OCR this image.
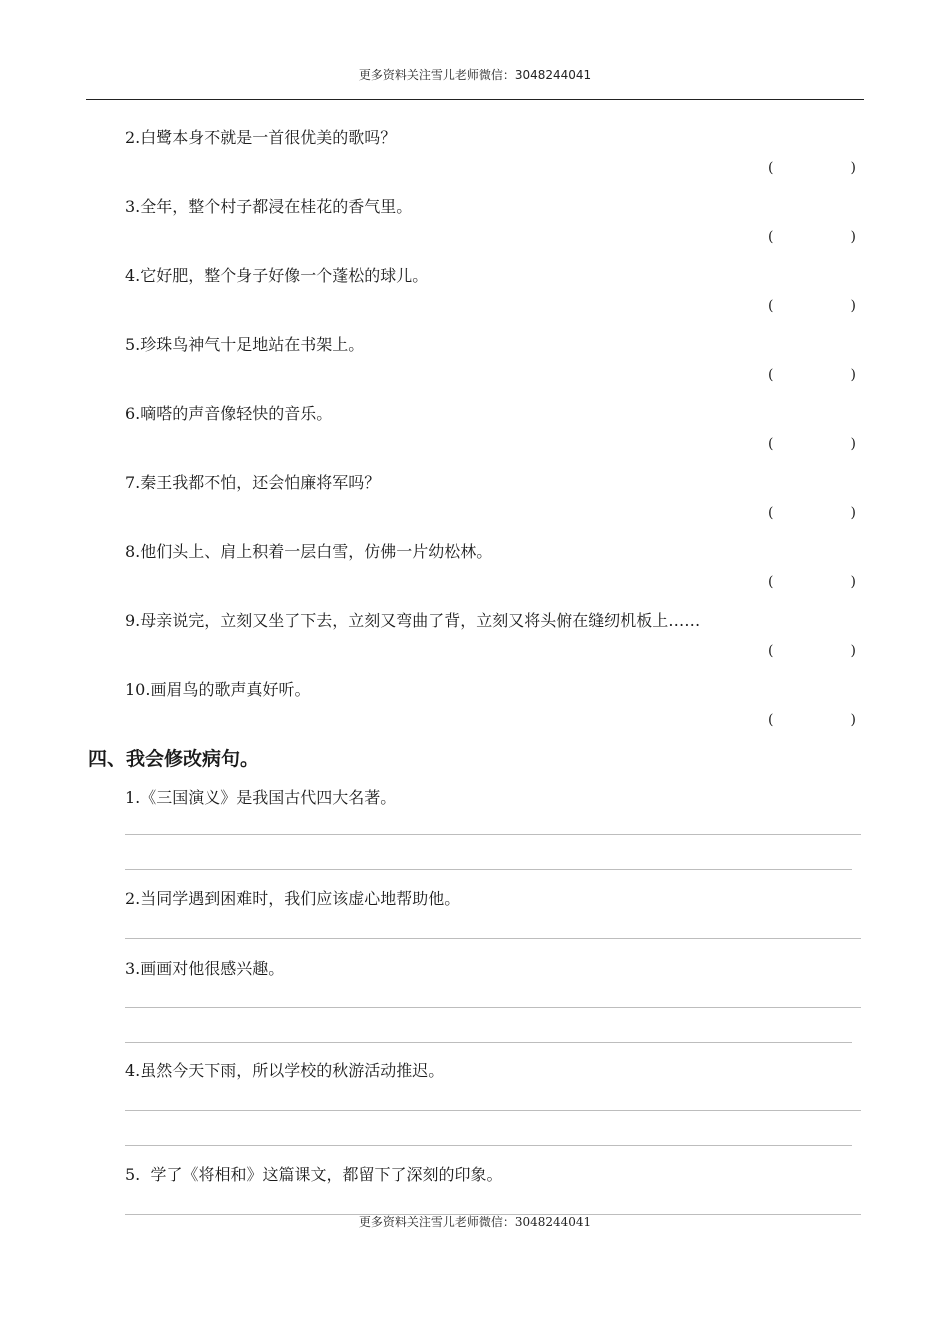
更多资料关注雪儿老师微信：3048244041
2.白鹭本身不就是一首很优美的歌吗？
(	)
3.全年，整个村子都浸在桂花的香气里。
(	)
4.它好肥，整个身子好像一个蓬松的球儿。
(	)
5.珍珠鸟神气十足地站在书架上。
(	)
6.嘀嗒的声音像轻快的音乐。
(	)
7.秦王我都不怕，还会怕廉将军吗？
(	)
8.他们头上、肩上积着一层白雪，仿佛一片幼松林。
(	)
9.母亲说完，立刻又坐了下去，立刻又弯曲了背，立刻又将头俯在缝纫机板上……
(	)
10.画眉鸟的歌声真好听。
(	)
四、我会修改病句。
1.《三国演义》是我国古代四大名著。
2.当同学遇到困难时，我们应该虚心地帮助他。
3.画画对他很感兴趣。
4.虽然今天下雨，所以学校的秋游活动推迟。
5.  学了《将相和》这篇课文，都留下了深刻的印象。
更多资料关注雪儿老师微信：3048244041
